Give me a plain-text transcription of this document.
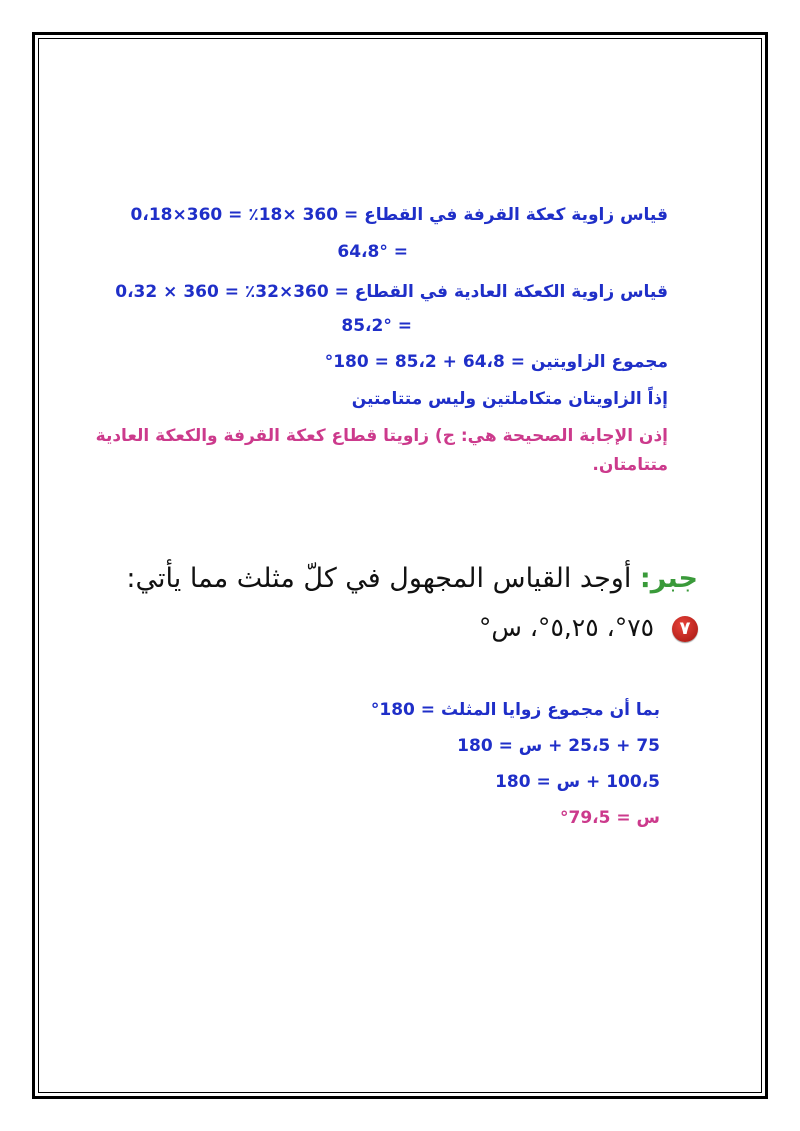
قياس زاوية كعكة القرفة في القطاع = 360 ×18٪ = 360×0،18
= 64،8°
قياس زاوية الكعكة العادية في القطاع = 360×32٪ = 360 × 0،32
= 85،2°
مجموع الزاويتين = 64،8 + 85،2 = 180°
إذاً الزاويتان متكاملتين وليس متتامتين
إذن الإجابة الصحيحة هي: ج) زاويتا قطاع كعكة القرفة والكعكة العادية
متتامتان.
جبر: أوجد القياس المجهول في كلّ مثلث مما يأتي:
٧ ٧٥°، ٥,٢٥°، س°
بما أن مجموع زوايا المثلث = 180°
75 + 25،5 + س = 180
100،5 + س = 180
س = 79،5°
